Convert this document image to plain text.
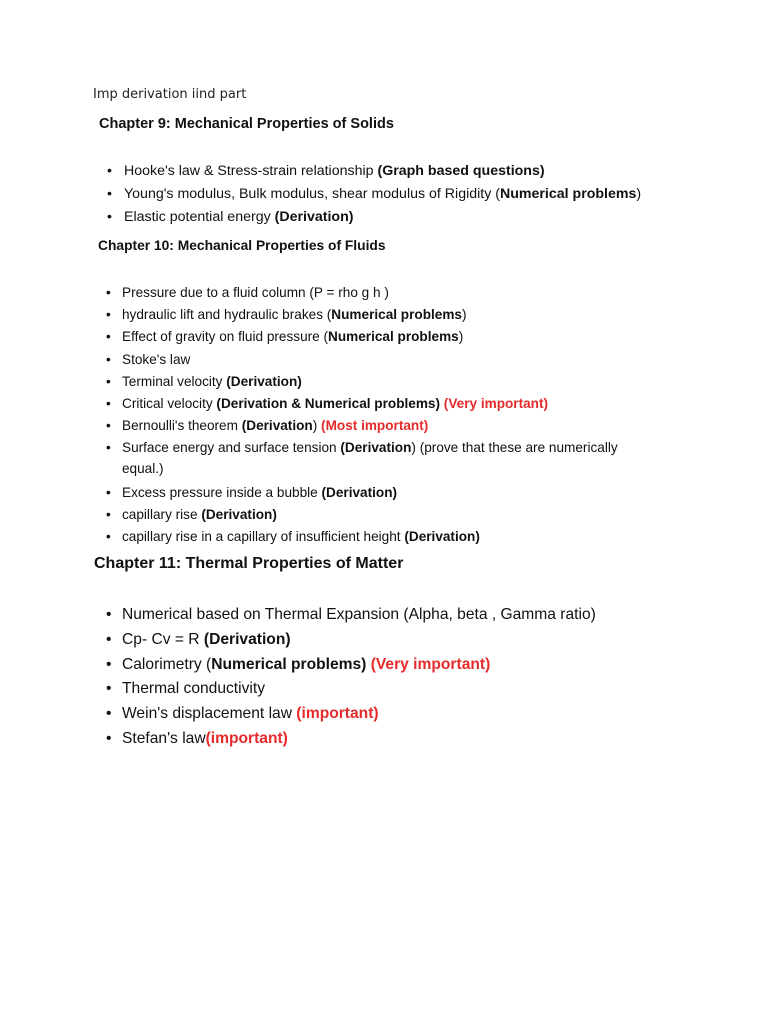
Imp derivation iind part
Chapter 9: Mechanical Properties of Solids
• Hooke's law & Stress-strain relationship (Graph based questions)
• Young's modulus, Bulk modulus, shear modulus of Rigidity (Numerical problems)
• Elastic potential energy (Derivation)
Chapter 10: Mechanical Properties of Fluids
• Pressure due to a fluid column (P = rho g h )
• hydraulic lift and hydraulic brakes (Numerical problems)
• Effect of gravity on fluid pressure (Numerical problems)
• Stoke's law
• Terminal velocity (Derivation)
• Critical velocity (Derivation & Numerical problems) (Very important)
• Bernoulli's theorem (Derivation) (Most important)
• Surface energy and surface tension (Derivation) (prove that these are numerically
equal.)
• Excess pressure inside a bubble (Derivation)
• capillary rise (Derivation)
• capillary rise in a capillary of insufficient height (Derivation)
Chapter 11: Thermal Properties of Matter
• Numerical based on Thermal Expansion (Alpha, beta , Gamma ratio)
• Cp- Cv = R (Derivation)
• Calorimetry (Numerical problems) (Very important)
• Thermal conductivity
• Wein's displacement law (important)
• Stefan's law(important)
